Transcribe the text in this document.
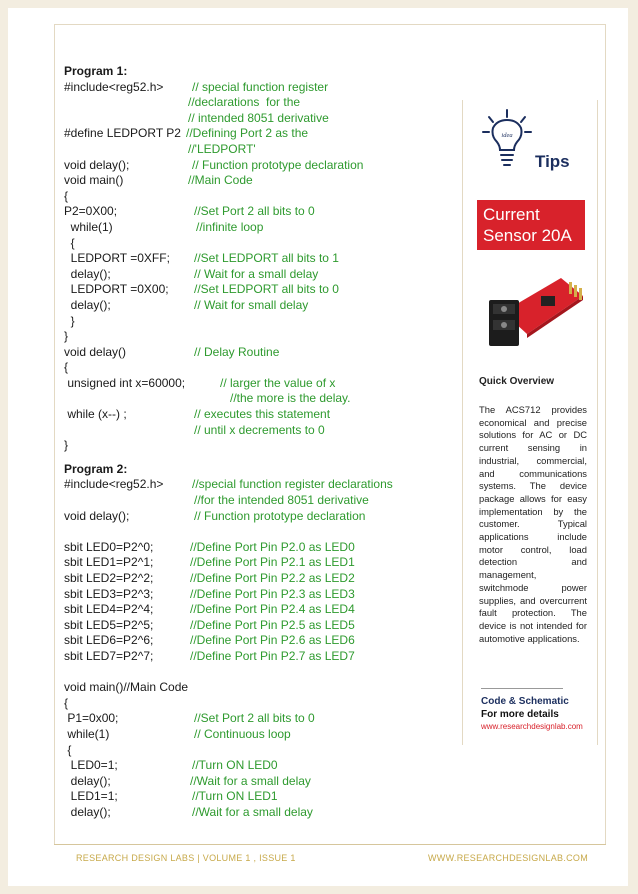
Program 1:
#include<reg52.h> // special function register
//declarations  for the
// intended 8051 derivative
#define LEDPORT P2 //Defining Port 2 as the
//'LEDPORT'
void delay();	// Function prototype declaration
void main()	//Main Code
{
P2=0X00;	//Set Port 2 all bits to 0
while(1)	//infinite loop
{
LEDPORT =0XFF; //Set LEDPORT all bits to 1
delay();	// Wait for a small delay
LEDPORT =0X00; //Set LEDPORT all bits to 0
delay();	// Wait for small delay
}
}
void delay()	// Delay Routine
{
unsigned int x=60000;	// larger the value of x
//the more is the delay.
while (x--) ;	// executes this statement
// until x decrements to 0
}
Program 2:
#include<reg52.h> //special function register declarations
//for the intended 8051 derivative
void delay();	// Function prototype declaration
sbit LED0=P2^0;	//Define Port Pin P2.0 as LED0
sbit LED1=P2^1;	//Define Port Pin P2.1 as LED1
sbit LED2=P2^2;	//Define Port Pin P2.2 as LED2
sbit LED3=P2^3;	//Define Port Pin P2.3 as LED3
sbit LED4=P2^4;	//Define Port Pin P2.4 as LED4
sbit LED5=P2^5;	//Define Port Pin P2.5 as LED5
sbit LED6=P2^6;	//Define Port Pin P2.6 as LED6
sbit LED7=P2^7;	//Define Port Pin P2.7 as LED7
void main()//Main Code
{
P1=0x00;	//Set Port 2 all bits to 0
while(1)	// Continuous loop
{
LED0=1;	//Turn ON LED0
delay();	//Wait for a small delay
LED1=1;	//Turn ON LED1
delay();	//Wait for a small delay
idea
Tips
Current
Sensor 20A
Quick Overview
The ACS712 provides economical and precise solutions for AC or DC current sensing in industrial, commercial, and communications systems. The device package allows for easy implementation by the customer. Typical applications include motor control, load detection and management, switchmode power supplies, and overcurrent fault protection. The device is not intended for automotive applications.
Code & Schematic
For more details
www.researchdesignlab.com
RESEARCH DESIGN LABS | VOLUME 1 , ISSUE 1	WWW.RESEARCHDESIGNLAB.COM
